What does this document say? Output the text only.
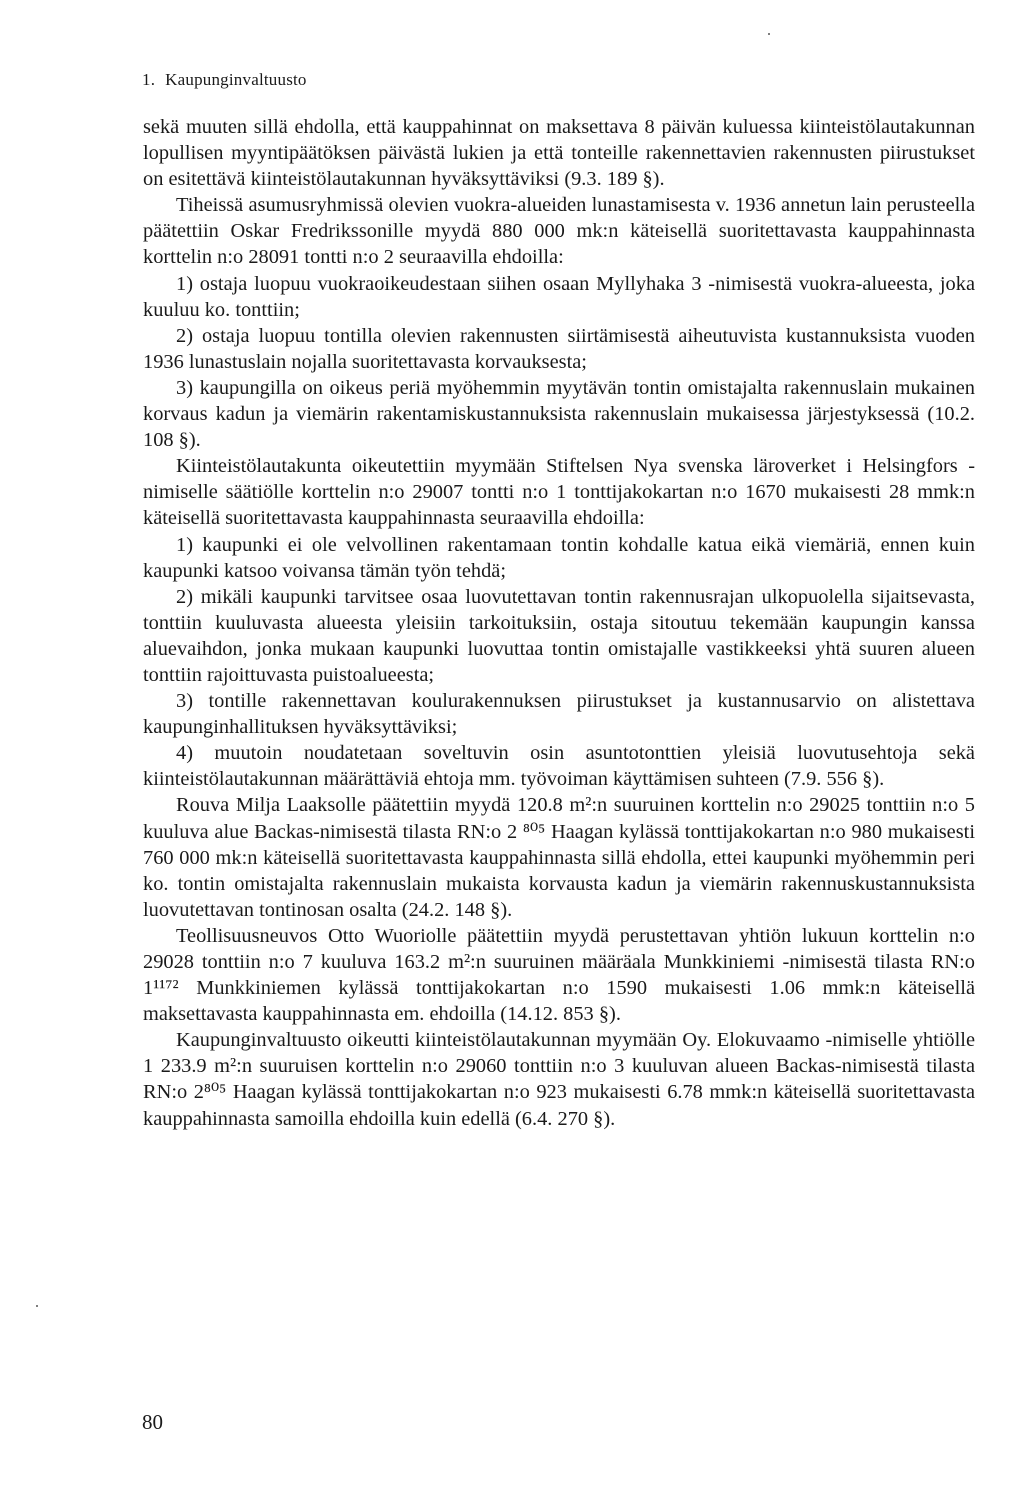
1. Kaupunginvaltuusto

sekä muuten sillä ehdolla, että kauppahinnat on maksettava 8 päivän kuluessa kiinteistölautakunnan lopullisen myyntipäätöksen päivästä lukien ja että tonteille rakennettavien rakennusten piirustukset on esitettävä kiinteistölautakunnan hyväksyttäviksi (9.3. 189 §).

Tiheissä asumusryhmissä olevien vuokra-alueiden lunastamisesta v. 1936 annetun lain perusteella päätettiin Oskar Fredrikssonille myydä 880 000 mk:n käteisellä suoritettavasta kauppahinnasta korttelin n:o 28091 tontti n:o 2 seuraavilla ehdoilla:

1) ostaja luopuu vuokraoikeudestaan siihen osaan Myllyhaka 3 -nimisestä vuokra-alueesta, joka kuuluu ko. tonttiin;

2) ostaja luopuu tontilla olevien rakennusten siirtämisestä aiheutuvista kustannuksista vuoden 1936 lunastuslain nojalla suoritettavasta korvauksesta;

3) kaupungilla on oikeus periä myöhemmin myytävän tontin omistajalta rakennuslain mukainen korvaus kadun ja viemärin rakentamiskustannuksista rakennuslain mukaisessa järjestyksessä (10.2. 108 §).

Kiinteistölautakunta oikeutettiin myymään Stiftelsen Nya svenska läroverket i Helsingfors -nimiselle säätiölle korttelin n:o 29007 tontti n:o 1 tonttijakokartan n:o 1670 mukaisesti 28 mmk:n käteisellä suoritettavasta kauppahinnasta seuraavilla ehdoilla:

1) kaupunki ei ole velvollinen rakentamaan tontin kohdalle katua eikä viemäriä, ennen kuin kaupunki katsoo voivansa tämän työn tehdä;

2) mikäli kaupunki tarvitsee osaa luovutettavan tontin rakennusrajan ulkopuolella sijaitsevasta, tonttiin kuuluvasta alueesta yleisiin tarkoituksiin, ostaja sitoutuu tekemään kaupungin kanssa aluevaihdon, jonka mukaan kaupunki luovuttaa tontin omistajalle vastikkeeksi yhtä suuren alueen tonttiin rajoittuvasta puistoalueesta;

3) tontille rakennettavan koulurakennuksen piirustukset ja kustannusarvio on alistettava kaupunginhallituksen hyväksyttäviksi;

4) muutoin noudatetaan soveltuvin osin asuntotonttien yleisiä luovutusehtoja sekä kiinteistölautakunnan määrättäviä ehtoja mm. työvoiman käyttämisen suhteen (7.9. 556 §).

Rouva Milja Laaksolle päätettiin myydä 120.8 m²:n suuruinen korttelin n:o 29025 tonttiin n:o 5 kuuluva alue Backas-nimisestä tilasta RN:o 2 ⁸⁰⁵ Haagan kylässä tonttijakokartan n:o 980 mukaisesti 760 000 mk:n käteisellä suoritettavasta kauppahinnasta sillä ehdolla, ettei kaupunki myöhemmin peri ko. tontin omistajalta rakennuslain mukaista korvausta kadun ja viemärin rakennuskustannuksista luovutettavan tontinosan osalta (24.2. 148 §).

Teollisuusneuvos Otto Wuoriolle päätettiin myydä perustettavan yhtiön lukuun korttelin n:o 29028 tonttiin n:o 7 kuuluva 163.2 m²:n suuruinen määräala Munkkiniemi -nimisestä tilasta RN:o 1¹¹⁷² Munkkiniemen kylässä tonttijakokartan n:o 1590 mukaisesti 1.06 mmk:n käteisellä maksettavasta kauppahinnasta em. ehdoilla (14.12. 853 §).

Kaupunginvaltuusto oikeutti kiinteistölautakunnan myymään Oy. Elokuvaamo -nimiselle yhtiölle 1 233.9 m²:n suuruisen korttelin n:o 29060 tonttiin n:o 3 kuuluvan alueen Backas-nimisestä tilasta RN:o 2⁸⁰⁵ Haagan kylässä tonttijakokartan n:o 923 mukaisesti 6.78 mmk:n käteisellä suoritettavasta kauppahinnasta samoilla ehdoilla kuin edellä (6.4. 270 §).

80
